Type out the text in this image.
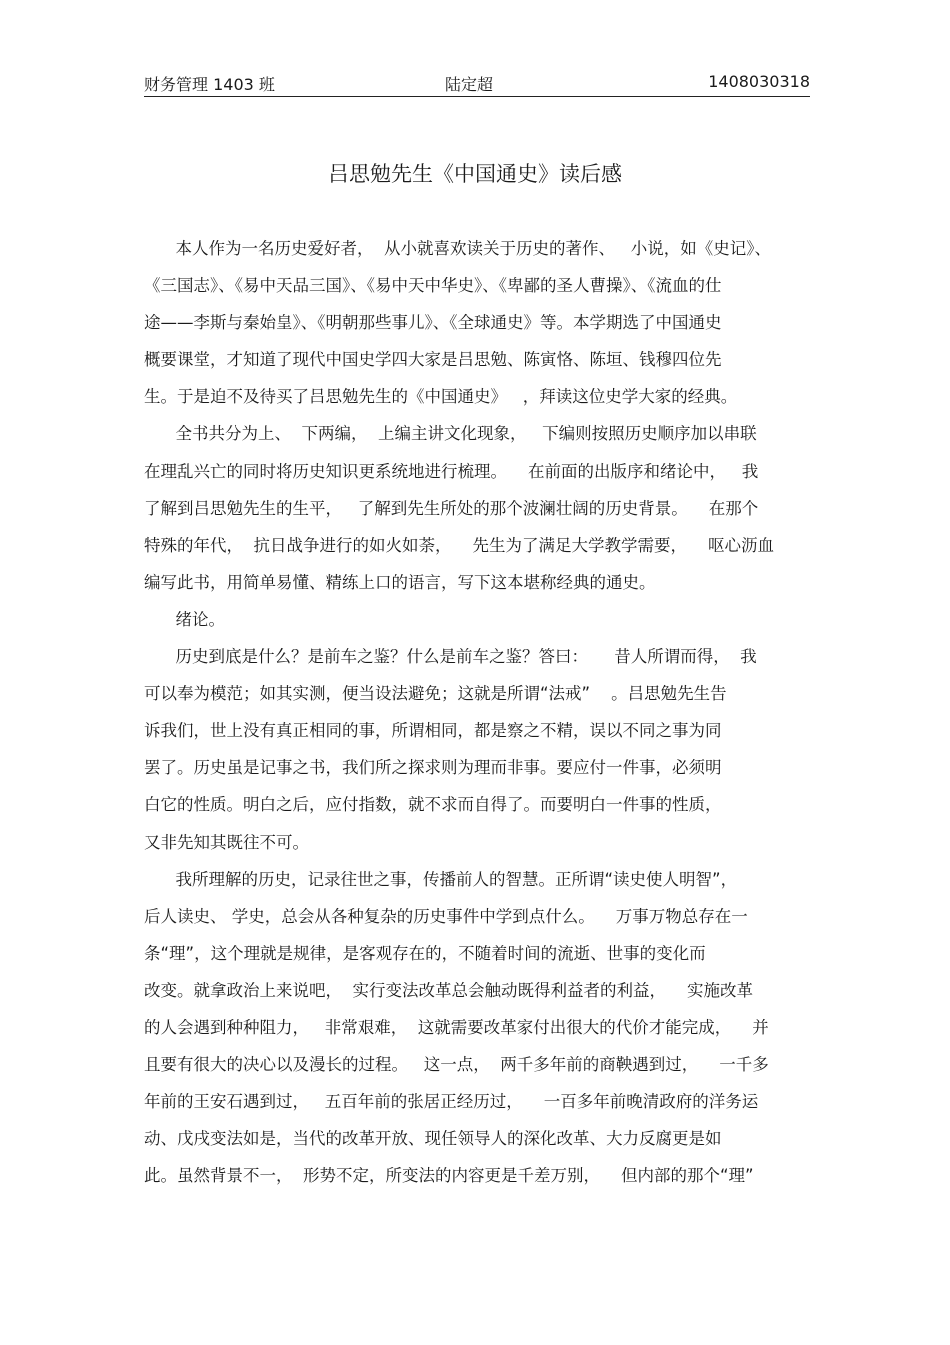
财务管理 1403 班	陆定超	1408030318
吕思勉先生《中国通史》读后感
本人作为一名历史爱好者，  从小就喜欢读关于历史的著作、   小说，如《史记》、
《三国志》、《易中天品三国》、《易中天中华史》、《卑鄙的圣人曹操》、《流血的仕
途——李斯与秦始皇》、《明朝那些事儿》、《全球通史》等。本学期选了中国通史
概要课堂，才知道了现代中国史学四大家是吕思勉、陈寅恪、陈垣、钱穆四位先
生。于是迫不及待买了吕思勉先生的《中国通史》   ，拜读这位史学大家的经典。
全书共分为上、  下两编，  上编主讲文化现象，   下编则按照历史顺序加以串联
在理乱兴亡的同时将历史知识更系统地进行梳理。    在前面的出版序和绪论中，   我
了解到吕思勉先生的生平，   了解到先生所处的那个波澜壮阔的历史背景。    在那个
特殊的年代，  抗日战争进行的如火如荼，    先生为了满足大学教学需要，    呕心沥血
编写此书，用简单易懂、精练上口的语言，写下这本堪称经典的通史。
绪论。
历史到底是什么？是前车之鉴？什么是前车之鉴？答曰：     昔人所谓而得，  我
可以奉为模范；如其实测，便当设法避免；这就是所谓“法戒”    。吕思勉先生告
诉我们，世上没有真正相同的事，所谓相同，都是察之不精，误以不同之事为同
罢了。历史虽是记事之书，我们所之探求则为理而非事。要应付一件事，必须明
白它的性质。明白之后，应付指数，就不求而自得了。而要明白一件事的性质，
又非先知其既往不可。
我所理解的历史，记录往世之事，传播前人的智慧。正所谓“读史使人明智”，
后人读史、 学史，总会从各种复杂的历史事件中学到点什么。    万事万物总存在一
条“理”，这个理就是规律，是客观存在的，不随着时间的流逝、世事的变化而
改变。就拿政治上来说吧，  实行变法改革总会触动既得利益者的利益，    实施改革
的人会遇到种种阻力，   非常艰难，  这就需要改革家付出很大的代价才能完成，    并
且要有很大的决心以及漫长的过程。   这一点，  两千多年前的商鞅遇到过，    一千多
年前的王安石遇到过，   五百年前的张居正经历过，    一百多年前晚清政府的洋务运
动、戊戌变法如是，当代的改革开放、现任领导人的深化改革、大力反腐更是如
此。虽然背景不一，  形势不定，所变法的内容更是千差万别，    但内部的那个“理”
